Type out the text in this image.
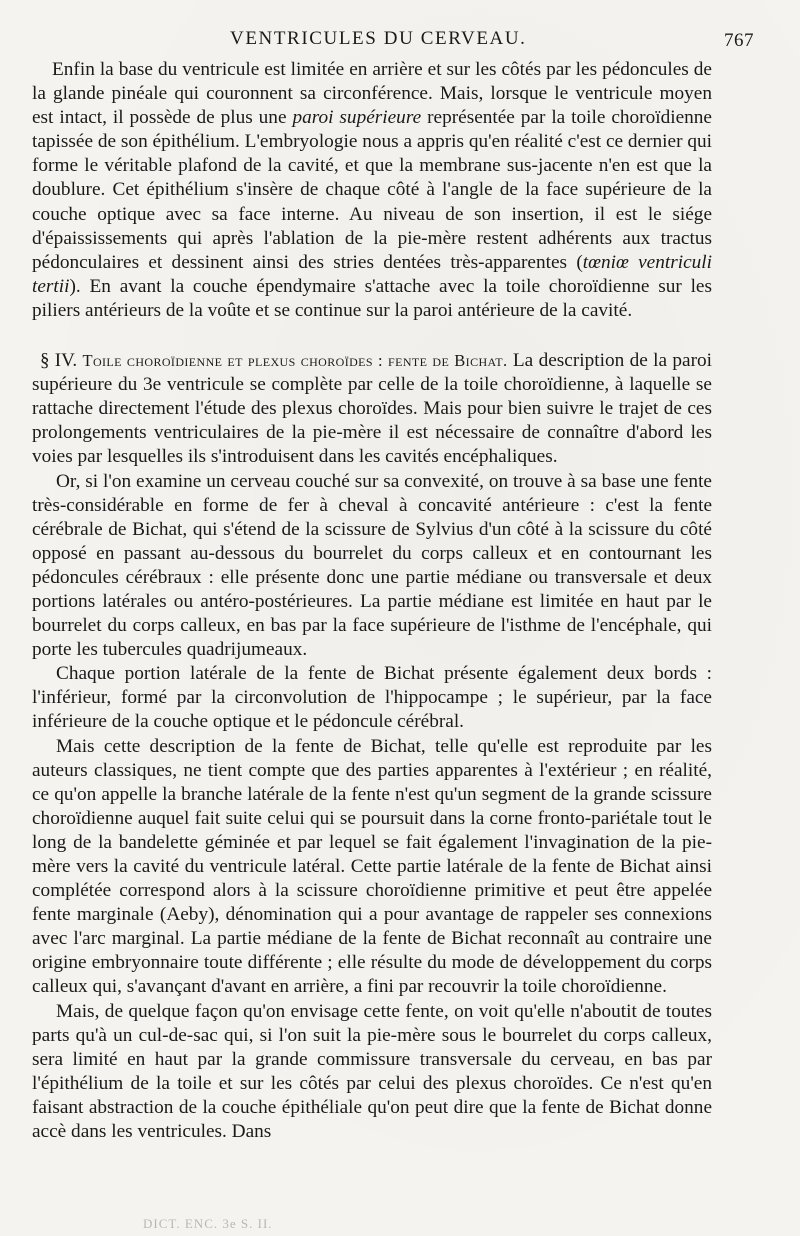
VENTRICULES DU CERVEAU.	767

Enfin la base du ventricule est limitée en arrière et sur les côtés par les pédoncules de la glande pinéale qui couronnent sa circonférence. Mais, lorsque le ventricule moyen est intact, il possède de plus une paroi supérieure représentée par la toile choroïdienne tapissée de son épithélium. L'embryologie nous a appris qu'en réalité c'est ce dernier qui forme le véritable plafond de la cavité, et que la membrane sus-jacente n'en est que la doublure. Cet épithélium s'insère de chaque côté à l'angle de la face supérieure de la couche optique avec sa face interne. Au niveau de son insertion, il est le siége d'épaississements qui après l'ablation de la pie-mère restent adhérents aux tractus pédonculaires et dessinent ainsi des stries dentées très-apparentes (tœniœ ventriculi tertii). En avant la couche épendymaire s'attache avec la toile choroïdienne sur les piliers antérieurs de la voûte et se continue sur la paroi antérieure de la cavité.

§ IV. Toile choroïdienne et plexus choroïdes : fente de Bichat. La description de la paroi supérieure du 3e ventricule se complète par celle de la toile choroïdienne, à laquelle se rattache directement l'étude des plexus choroïdes. Mais pour bien suivre le trajet de ces prolongements ventriculaires de la pie-mère il est nécessaire de connaître d'abord les voies par lesquelles ils s'introduisent dans les cavités encéphaliques.

Or, si l'on examine un cerveau couché sur sa convexité, on trouve à sa base une fente très-considérable en forme de fer à cheval à concavité antérieure : c'est la fente cérébrale de Bichat, qui s'étend de la scissure de Sylvius d'un côté à la scissure du côté opposé en passant au-dessous du bourrelet du corps calleux et en contournant les pédoncules cérébraux : elle présente donc une partie médiane ou transversale et deux portions latérales ou antéro-postérieures. La partie médiane est limitée en haut par le bourrelet du corps calleux, en bas par la face supérieure de l'isthme de l'encéphale, qui porte les tubercules quadrijumeaux.

Chaque portion latérale de la fente de Bichat présente également deux bords : l'inférieur, formé par la circonvolution de l'hippocampe ; le supérieur, par la face inférieure de la couche optique et le pédoncule cérébral.

Mais cette description de la fente de Bichat, telle qu'elle est reproduite par les auteurs classiques, ne tient compte que des parties apparentes à l'extérieur ; en réalité, ce qu'on appelle la branche latérale de la fente n'est qu'un segment de la grande scissure choroïdienne auquel fait suite celui qui se poursuit dans la corne fronto-pariétale tout le long de la bandelette géminée et par lequel se fait également l'invagination de la pie-mère vers la cavité du ventricule latéral. Cette partie latérale de la fente de Bichat ainsi complétée correspond alors à la scissure choroïdienne primitive et peut être appelée fente marginale (Aeby), dénomination qui a pour avantage de rappeler ses connexions avec l'arc marginal. La partie médiane de la fente de Bichat reconnaît au contraire une origine embryonnaire toute différente ; elle résulte du mode de développement du corps calleux qui, s'avançant d'avant en arrière, a fini par recouvrir la toile choroïdienne.

Mais, de quelque façon qu'on envisage cette fente, on voit qu'elle n'aboutit de toutes parts qu'à un cul-de-sac qui, si l'on suit la pie-mère sous le bourrelet du corps calleux, sera limité en haut par la grande commissure transversale du cerveau, en bas par l'épithélium de la toile et sur les côtés par celui des plexus choroïdes. Ce n'est qu'en faisant abstraction de la couche épithéliale qu'on peut dire que la fente de Bichat donne accè dans les ventricules. Dans

DICT. ENC. 3e S. II.
